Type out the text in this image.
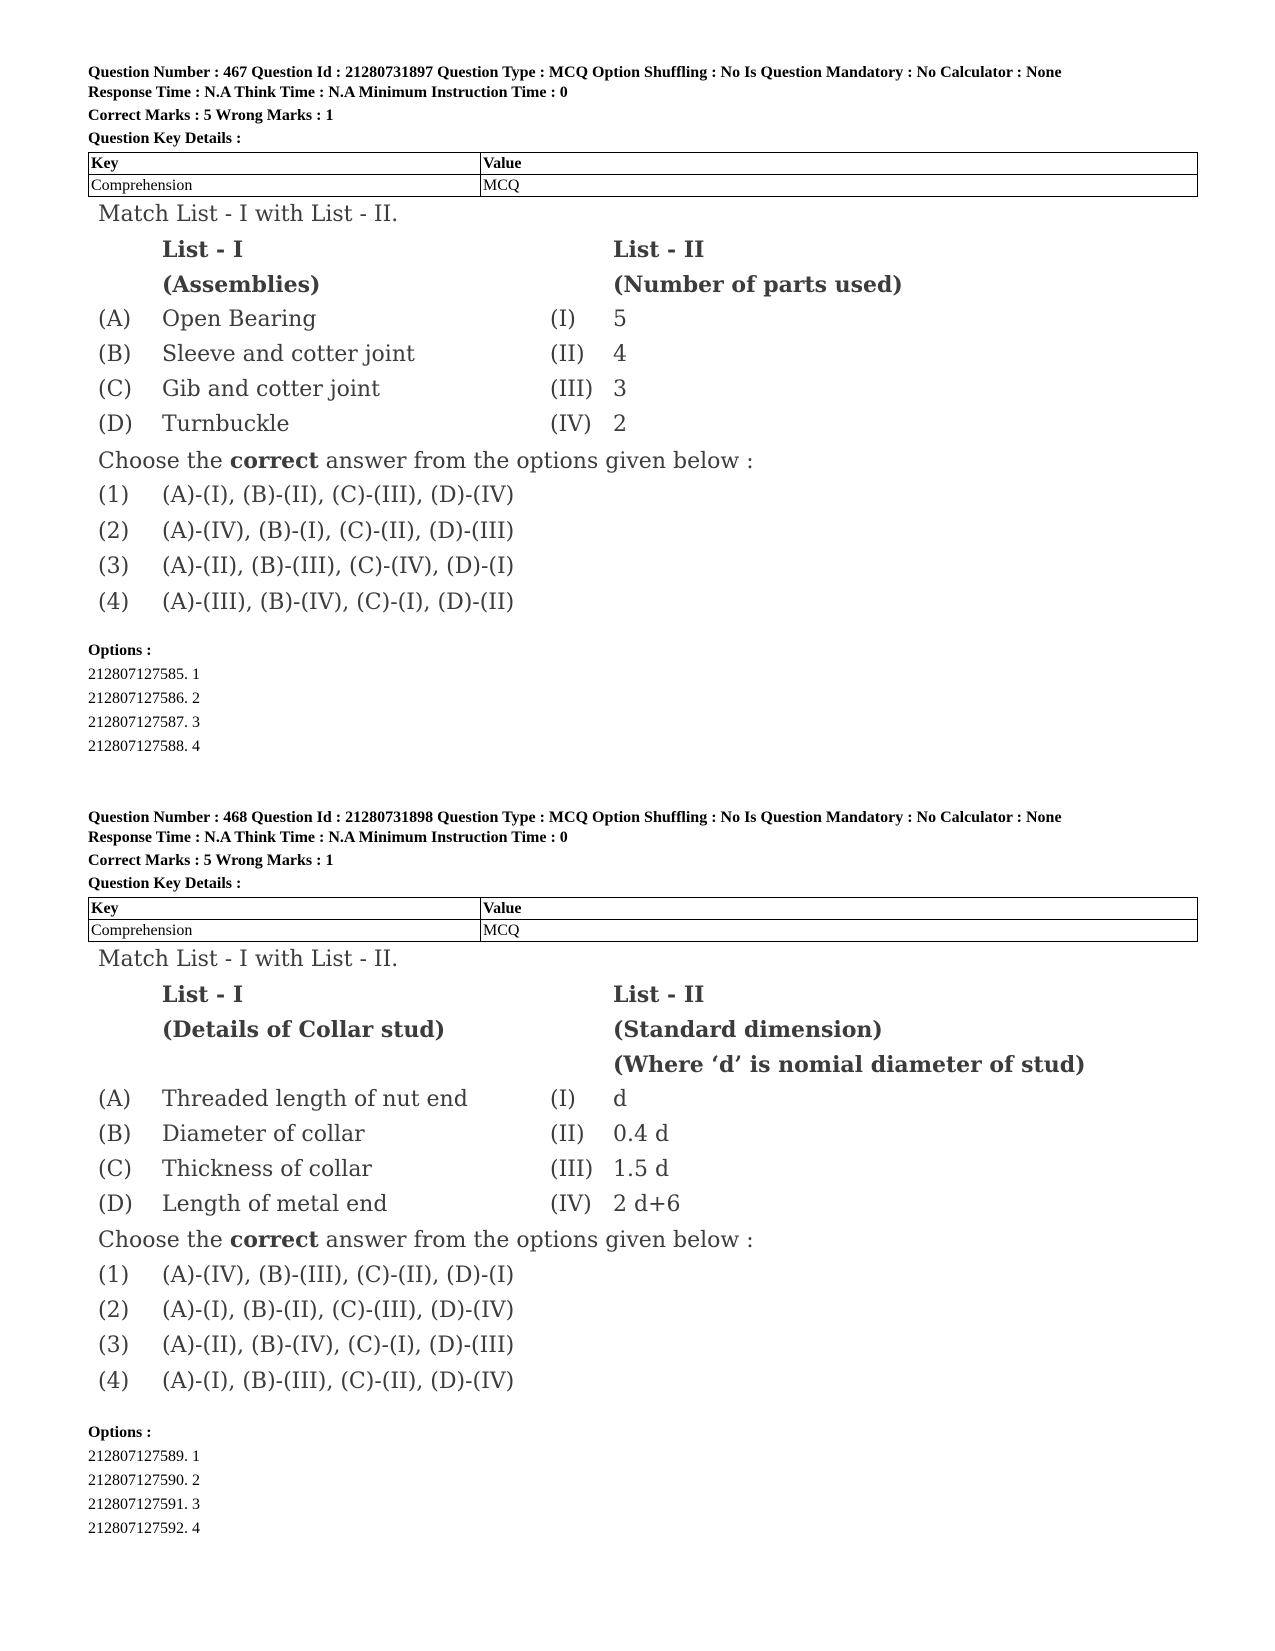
Question Number : 467 Question Id : 21280731897 Question Type : MCQ Option Shuffling : No Is Question Mandatory : No Calculator : None
Response Time : N.A Think Time : N.A Minimum Instruction Time : 0
Correct Marks : 5 Wrong Marks : 1
Question Key Details :
Key	Value
Comprehension	MCQ
Match List - I with List - II.
List - I	List - II
(Assemblies)	(Number of parts used)
(A) Open Bearing	(I) 5
(B) Sleeve and cotter joint	(II) 4
(C) Gib and cotter joint	(III) 3
(D) Turnbuckle	(IV) 2
Choose the correct answer from the options given below :
(1) (A)-(I), (B)-(II), (C)-(III), (D)-(IV)
(2) (A)-(IV), (B)-(I), (C)-(II), (D)-(III)
(3) (A)-(II), (B)-(III), (C)-(IV), (D)-(I)
(4) (A)-(III), (B)-(IV), (C)-(I), (D)-(II)
Options :
212807127585. 1
212807127586. 2
212807127587. 3
212807127588. 4
Question Number : 468 Question Id : 21280731898 Question Type : MCQ Option Shuffling : No Is Question Mandatory : No Calculator : None
Response Time : N.A Think Time : N.A Minimum Instruction Time : 0
Correct Marks : 5 Wrong Marks : 1
Question Key Details :
Key	Value
Comprehension	MCQ
Match List - I with List - II.
List - I	List - II
(Details of Collar stud)	(Standard dimension)
(Where ‘d’ is nomial diameter of stud)
(A) Threaded length of nut end	(I) d
(B) Diameter of collar	(II) 0.4 d
(C) Thickness of collar	(III) 1.5 d
(D) Length of metal end	(IV) 2 d+6
Choose the correct answer from the options given below :
(1) (A)-(IV), (B)-(III), (C)-(II), (D)-(I)
(2) (A)-(I), (B)-(II), (C)-(III), (D)-(IV)
(3) (A)-(II), (B)-(IV), (C)-(I), (D)-(III)
(4) (A)-(I), (B)-(III), (C)-(II), (D)-(IV)
Options :
212807127589. 1
212807127590. 2
212807127591. 3
212807127592. 4
